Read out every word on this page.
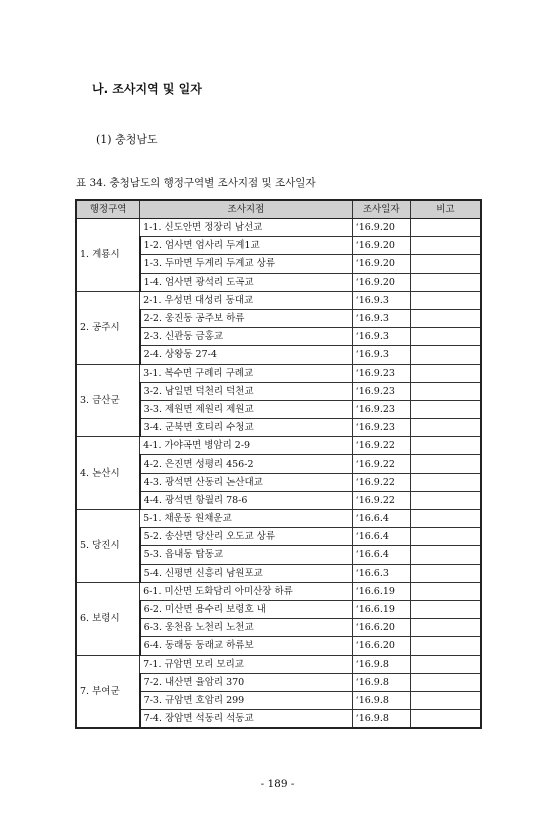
나. 조사지역 및 일자
(1) 충청남도
표 34. 충청남도의 행정구역별 조사지점 및 조사일자
행정구역	조사지점	조사일자	비고
1. 계룡시	1-1. 신도안면 정장리 남선교	‘16.9.20	
	1-2. 엄사면 엄사리 두계1교	‘16.9.20	
	1-3. 두마면 두계리 두계교 상류	‘16.9.20	
	1-4. 엄사면 광석리 도곡교	‘16.9.20	
2. 공주시	2-1. 우성면 대성리 동대교	‘16.9.3	
	2-2. 웅진동 공주보 하류	‘16.9.3	
	2-3. 신관동 금홍교	‘16.9.3	
	2-4. 상왕동 27-4	‘16.9.3	
3. 금산군	3-1. 복수면 구례리 구례교	‘16.9.23	
	3-2. 남일면 덕천리 덕천교	‘16.9.23	
	3-3. 제원면 제원리 제원교	‘16.9.23	
	3-4. 군북면 호티리 수청교	‘16.9.23	
4. 논산시	4-1. 가야곡면 병암리 2-9	‘16.9.22	
	4-2. 은진면 성평리 456-2	‘16.9.22	
	4-3. 광석면 산동리 논산대교	‘16.9.22	
	4-4. 광석면 항월리 78-6	‘16.9.22	
5. 당진시	5-1. 채운동 원채운교	‘16.6.4	
	5-2. 송산면 당산리 오도교 상류	‘16.6.4	
	5-3. 읍내동 탑동교	‘16.6.4	
	5-4. 신평면 신흥리 남원포교	‘16.6.3	
6. 보령시	6-1. 미산면 도화담리 아미산장 하류	‘16.6.19	
	6-2. 미산면 용수리 보령호 내	‘16.6.19	
	6-3. 웅천읍 노천리 노천교	‘16.6.20	
	6-4. 동래동 동래교 하류보	‘16.6.20	
7. 부여군	7-1. 규암면 모리 모리교	‘16.9.8	
	7-2. 내산면 율암리 370	‘16.9.8	
	7-3. 규암면 호암리 299	‘16.9.8	
	7-4. 장암면 석동리 석동교	‘16.9.8	
- 189 -
